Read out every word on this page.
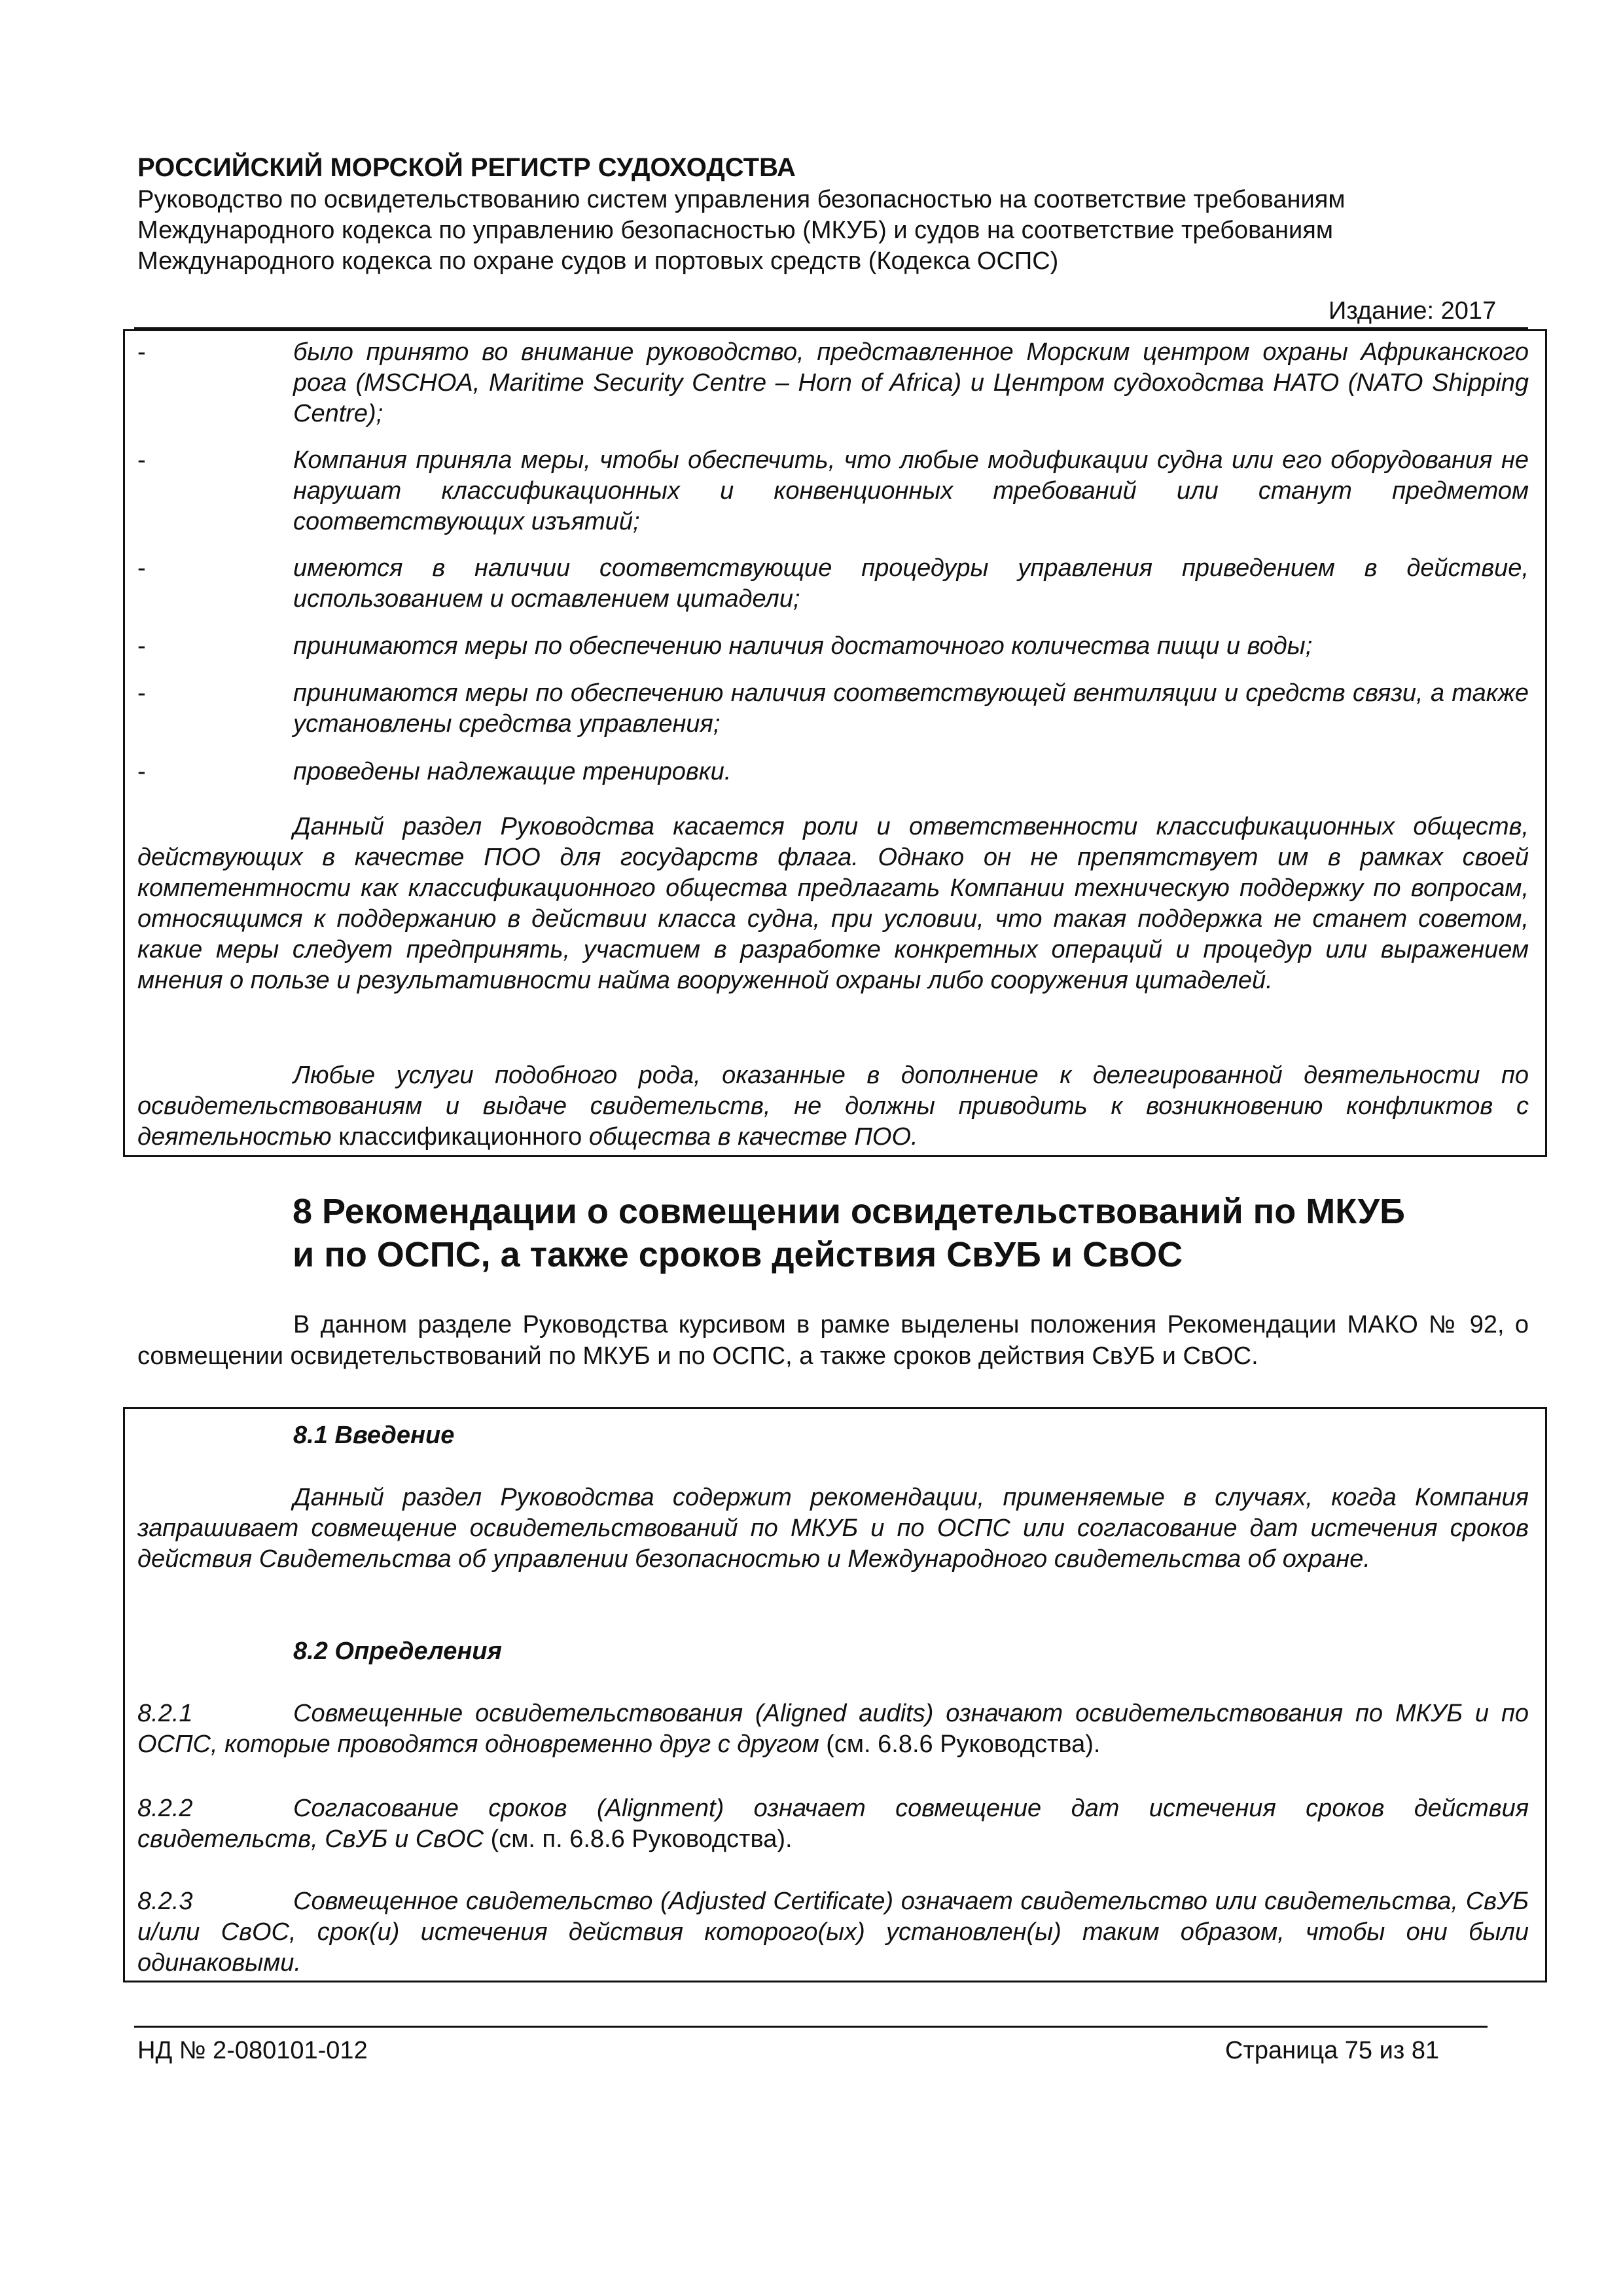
РОССИЙСКИЙ МОРСКОЙ РЕГИСТР СУДОХОДСТВА
Руководство по освидетельствованию систем управления безопасностью на соответствие требованиям
Международного кодекса по управлению безопасностью (МКУБ) и судов на соответствие требованиям
Международного кодекса по охране судов и портовых средств (Кодекса ОСПС)
Издание: 2017
-	было принято во внимание руководство, представленное Морским центром охраны Африканского рога (MSCHOA, Maritime Security Centre – Horn of Africa) и Центром судоходства НАТО (NATO Shipping Centre);
-	Компания приняла меры, чтобы обеспечить, что любые модификации судна или его оборудования не нарушат классификационных и конвенционных требований или станут предметом соответствующих изъятий;
-	имеются в наличии соответствующие процедуры управления приведением в действие, использованием и оставлением цитадели;
-	принимаются меры по обеспечению наличия достаточного количества пищи и воды;
-	принимаются меры по обеспечению наличия соответствующей вентиляции и средств связи, а также установлены средства управления;
-	проведены надлежащие тренировки.
Данный раздел Руководства касается роли и ответственности классификационных обществ, действующих в качестве ПОО для государств флага. Однако он не препятствует им в рамках своей компетентности как классификационного общества предлагать Компании техническую поддержку по вопросам, относящимся к поддержанию в действии класса судна, при условии, что такая поддержка не станет советом, какие меры следует предпринять, участием в разработке конкретных операций и процедур или выражением мнения о пользе и результативности найма вооруженной охраны либо сооружения цитаделей.
Любые услуги подобного рода, оказанные в дополнение к делегированной деятельности по освидетельствованиям и выдаче свидетельств, не должны приводить к возникновению конфликтов с деятельностью классификационного общества в качестве ПОО.
8 Рекомендации о совмещении освидетельствований по МКУБ
и по ОСПС, а также сроков действия СвУБ и СвОС
В данном разделе Руководства курсивом в рамке выделены положения Рекомендации МАКО № 92, о совмещении освидетельствований по МКУБ и по ОСПС, а также сроков действия СвУБ и СвОС.
8.1 Введение
Данный раздел Руководства содержит рекомендации, применяемые в случаях, когда Компания запрашивает совмещение освидетельствований по МКУБ и по ОСПС или согласование дат истечения сроков действия Свидетельства об управлении безопасностью и Международного свидетельства об охране.
8.2 Определения
8.2.1	Совмещенные освидетельствования (Aligned audits) означают освидетельствования по МКУБ и по ОСПС, которые проводятся одновременно друг с другом (см. 6.8.6 Руководства).
8.2.2	Согласование сроков (Alignment) означает совмещение дат истечения сроков действия свидетельств, СвУБ и СвОС (см. п. 6.8.6 Руководства).
8.2.3	Совмещенное свидетельство (Adjusted Certificate) означает свидетельство или свидетельства, СвУБ и/или СвОС, срок(и) истечения действия которого(ых) установлен(ы) таким образом, чтобы они были одинаковыми.
НД № 2-080101-012	Страница 75 из 81
